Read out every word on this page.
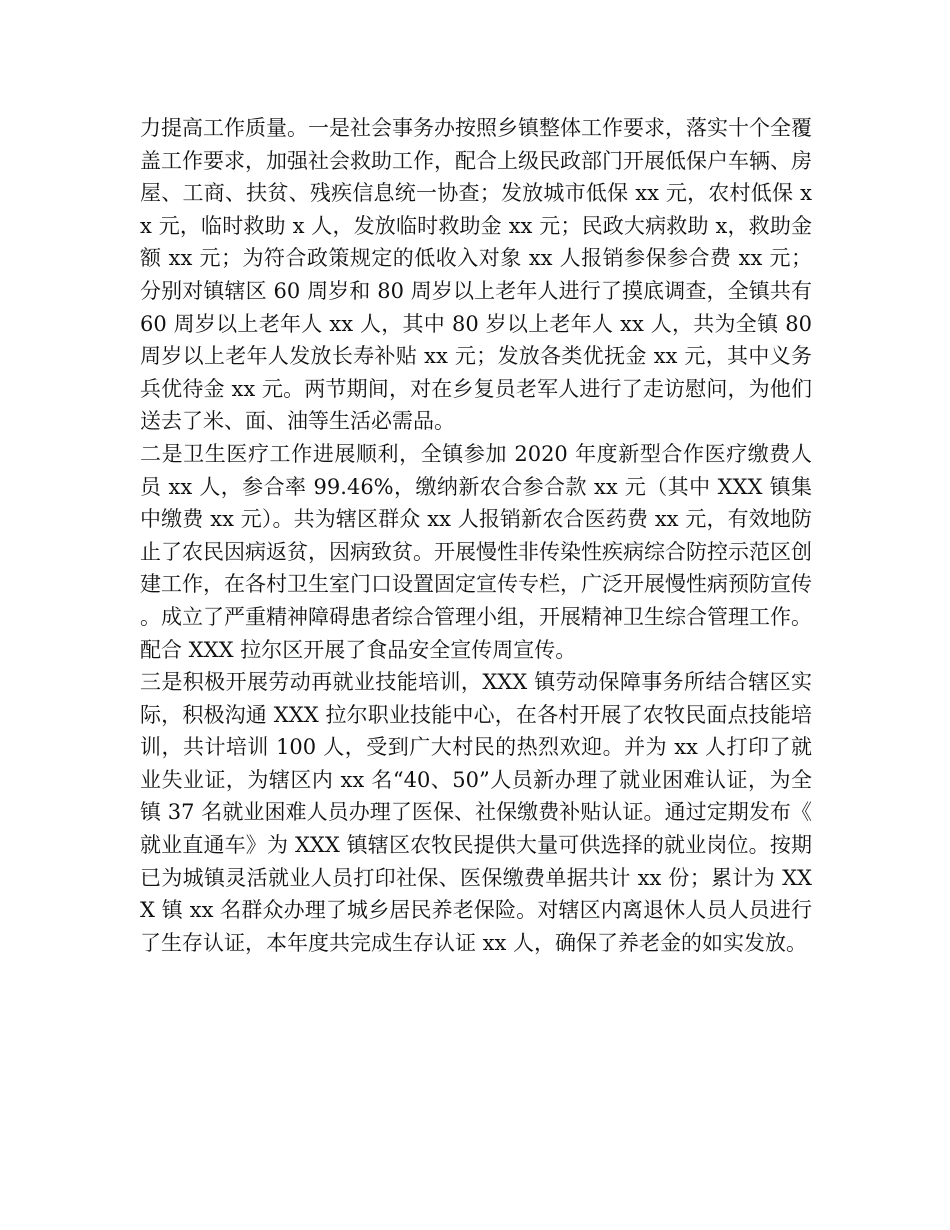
力提高工作质量。一是社会事务办按照乡镇整体工作要求，落实十个全覆盖工作要求，加强社会救助工作，配合上级民政部门开展低保户车辆、房屋、工商、扶贫、残疾信息统一协查；发放城市低保 xx 元，农村低保 xx 元，临时救助 x 人，发放临时救助金 xx 元；民政大病救助 x，救助金额 xx 元；为符合政策规定的低收入对象 xx 人报销参保参合费 xx 元；分别对镇辖区 60 周岁和 80 周岁以上老年人进行了摸底调查，全镇共有 60 周岁以上老年人 xx 人，其中 80 岁以上老年人 xx 人，共为全镇 80 周岁以上老年人发放长寿补贴 xx 元；发放各类优抚金 xx 元，其中义务兵优待金 xx 元。两节期间，对在乡复员老军人进行了走访慰问，为他们送去了米、面、油等生活必需品。

二是卫生医疗工作进展顺利，全镇参加 2020 年度新型合作医疗缴费人员 xx 人，参合率 99.46%，缴纳新农合参合款 xx 元（其中 XXX 镇集中缴费 xx 元）。共为辖区群众 xx 人报销新农合医药费 xx 元，有效地防止了农民因病返贫，因病致贫。开展慢性非传染性疾病综合防控示范区创建工作，在各村卫生室门口设置固定宣传专栏，广泛开展慢性病预防宣传。成立了严重精神障碍患者综合管理小组，开展精神卫生综合管理工作。配合 XXX 拉尔区开展了食品安全宣传周宣传。

三是积极开展劳动再就业技能培训，XXX 镇劳动保障事务所结合辖区实际，积极沟通 XXX 拉尔职业技能中心，在各村开展了农牧民面点技能培训，共计培训 100 人，受到广大村民的热烈欢迎。并为 xx 人打印了就业失业证，为辖区内 xx 名“40、50”人员新办理了就业困难认证，为全镇 37 名就业困难人员办理了医保、社保缴费补贴认证。通过定期发布《就业直通车》为 XXX 镇辖区农牧民提供大量可供选择的就业岗位。按期已为城镇灵活就业人员打印社保、医保缴费单据共计 xx 份；累计为 XXX 镇 xx 名群众办理了城乡居民养老保险。对辖区内离退休人员人员进行了生存认证，本年度共完成生存认证 xx 人，确保了养老金的如实发放。
